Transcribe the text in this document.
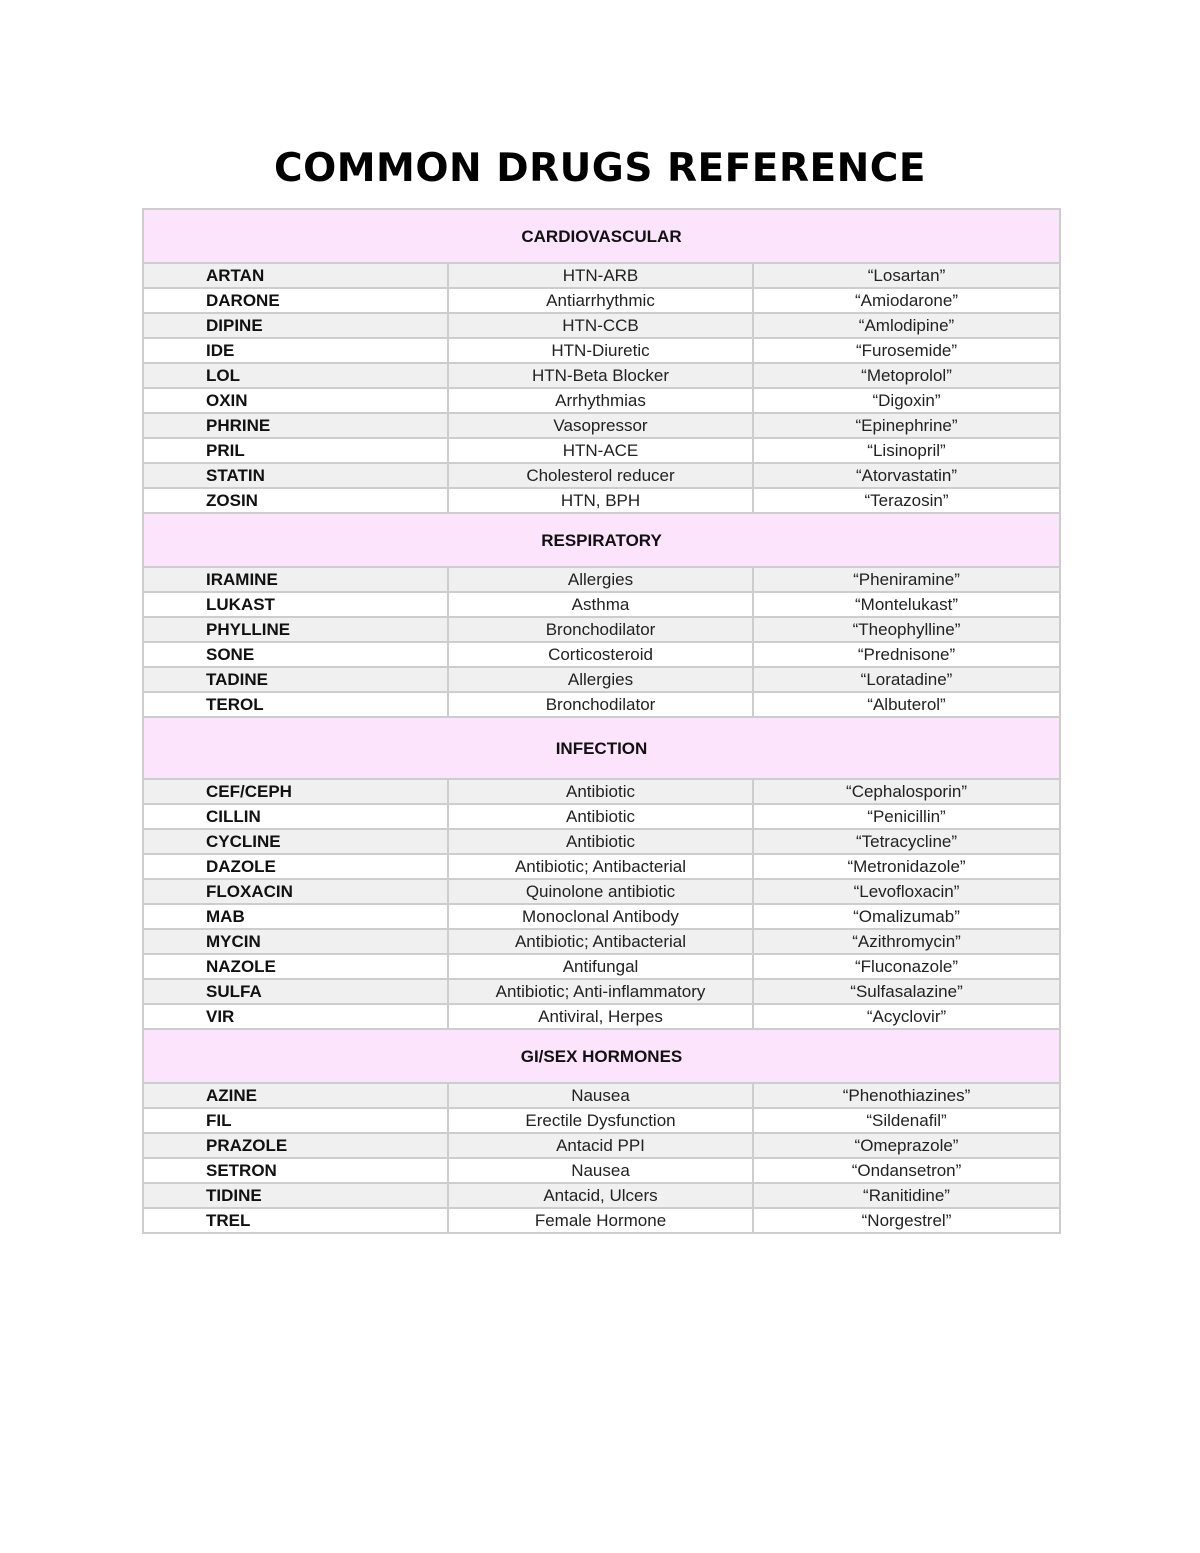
COMMON DRUGS REFERENCE
CARDIOVASCULAR		
ARTAN	HTN-ARB	“Losartan”
DARONE	Antiarrhythmic	“Amiodarone”
DIPINE	HTN-CCB	“Amlodipine”
IDE	HTN-Diuretic	“Furosemide”
LOL	HTN-Beta Blocker	“Metoprolol”
OXIN	Arrhythmias	“Digoxin”
PHRINE	Vasopressor	“Epinephrine”
PRIL	HTN-ACE	“Lisinopril”
STATIN	Cholesterol reducer	“Atorvastatin”
ZOSIN	HTN, BPH	“Terazosin”
RESPIRATORY		
IRAMINE	Allergies	“Pheniramine”
LUKAST	Asthma	“Montelukast”
PHYLLINE	Bronchodilator	“Theophylline”
SONE	Corticosteroid	“Prednisone”
TADINE	Allergies	“Loratadine”
TEROL	Bronchodilator	“Albuterol”
INFECTION		
CEF/CEPH	Antibiotic	“Cephalosporin”
CILLIN	Antibiotic	“Penicillin”
CYCLINE	Antibiotic	“Tetracycline”
DAZOLE	Antibiotic; Antibacterial	“Metronidazole”
FLOXACIN	Quinolone antibiotic	“Levofloxacin”
MAB	Monoclonal Antibody	“Omalizumab”
MYCIN	Antibiotic; Antibacterial	“Azithromycin”
NAZOLE	Antifungal	“Fluconazole”
SULFA	Antibiotic; Anti-inflammatory	“Sulfasalazine”
VIR	Antiviral, Herpes	“Acyclovir”
GI/SEX HORMONES		
AZINE	Nausea	“Phenothiazines”
FIL	Erectile Dysfunction	“Sildenafil”
PRAZOLE	Antacid PPI	“Omeprazole”
SETRON	Nausea	“Ondansetron”
TIDINE	Antacid, Ulcers	“Ranitidine”
TREL	Female Hormone	“Norgestrel”
